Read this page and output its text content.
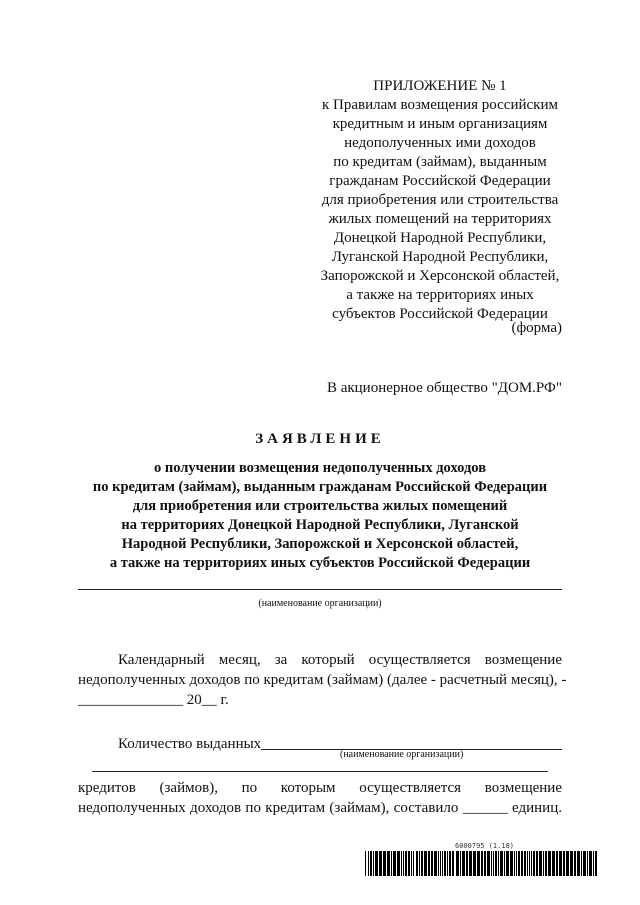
ПРИЛОЖЕНИЕ № 1
к Правилам возмещения российским
кредитным и иным организациям
недополученных ими доходов
по кредитам (займам), выданным
гражданам Российской Федерации
для приобретения или строительства
жилых помещений на территориях
Донецкой Народной Республики,
Луганской Народной Республики,
Запорожской и Херсонской областей,
а также на территориях иных
субъектов Российской Федерации
(форма)
В акционерное общество "ДОМ.РФ"
ЗАЯВЛЕНИЕ
о получении возмещения недополученных доходов
по кредитам (займам), выданным гражданам Российской Федерации
для приобретения или строительства жилых помещений
на территориях Донецкой Народной Республики, Луганской
Народной Республики, Запорожской и Херсонской областей,
а также на территориях иных субъектов Российской Федерации
(наименование организации)
Календарный месяц, за который осуществляется возмещение
недополученных доходов по кредитам (займам) (далее - расчетный месяц), -
______________ 20__ г.
Количество выданных
(наименование организации)
кредитов (займов), по которым осуществляется возмещение
недополученных доходов по кредитам (займам), составило ______ единиц.
6000795 (1.18)
